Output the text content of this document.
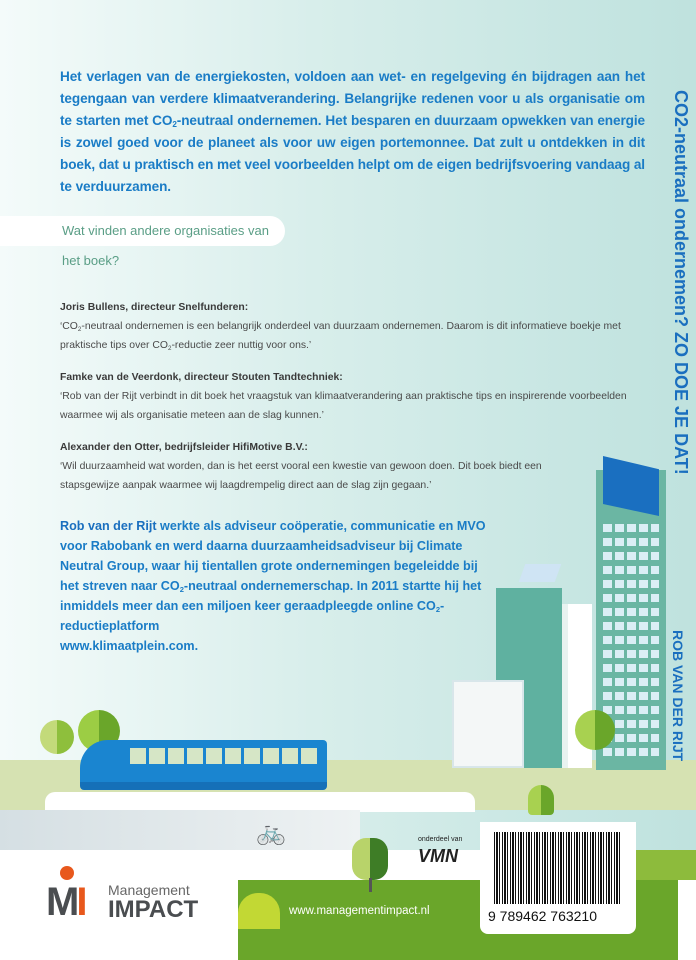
🚲
9 789462 763210
Het verlagen van de energiekosten, voldoen aan wet- en regelgeving én bijdragen aan het tegengaan van verdere klimaatverandering. Belangrijke redenen voor u als organisatie om te starten met $CO_2$-neutraal ondernemen. Het besparen en duurzaam opwekken van energie is zowel goed voor de planeet als voor uw eigen portemonnee. Dat zult u ontdekken in dit boek, dat u praktisch en met veel voorbeelden helpt om de eigen bedrijfsvoering vandaag al te verduurzamen.
Wat vinden andere organisaties van het boek?
Joris Bullens, directeur Snelfunderen:
‘$CO_2$-neutraal ondernemen is een belangrijk onderdeel van duurzaam ondernemen. Daarom is dit informatieve boekje met praktische tips over $CO_2$-reductie zeer nuttig voor ons.’
Famke van de Veerdonk, directeur Stouten Tandtechniek:
‘Rob van der Rijt verbindt in dit boek het vraagstuk van klimaatverandering aan praktische tips en inspirerende voorbeelden waarmee wij als organisatie meteen aan de slag kunnen.’
Alexander den Otter, bedrijfsleider HifiMotive B.V.:
‘Wil duurzaamheid wat worden, dan is het eerst vooral een kwestie van gewoon doen. Dit boek biedt een stapsgewijze aanpak waarmee wij laagdrempelig direct aan de slag zijn gegaan.’
Rob van der Rijt werkte als adviseur coöperatie, communicatie en MVO voor Rabobank en werd daarna duurzaamheidsadviseur bij Climate Neutral Group, waar hij tientallen grote ondernemingen begeleidde bij het streven naar $CO_2$-neutraal ondernemerschap. In 2011 startte hij het inmiddels meer dan een miljoen keer geraadpleegde online $CO_2$-reductieplatform
www.klimaatplein.com.
MI Management
IMPACT	www.managementimpact.nl
onderdeel van
VMN
CO2-neutraal ondernemen? ZO DOE JE DAT!
ROB VAN DER RIJT
